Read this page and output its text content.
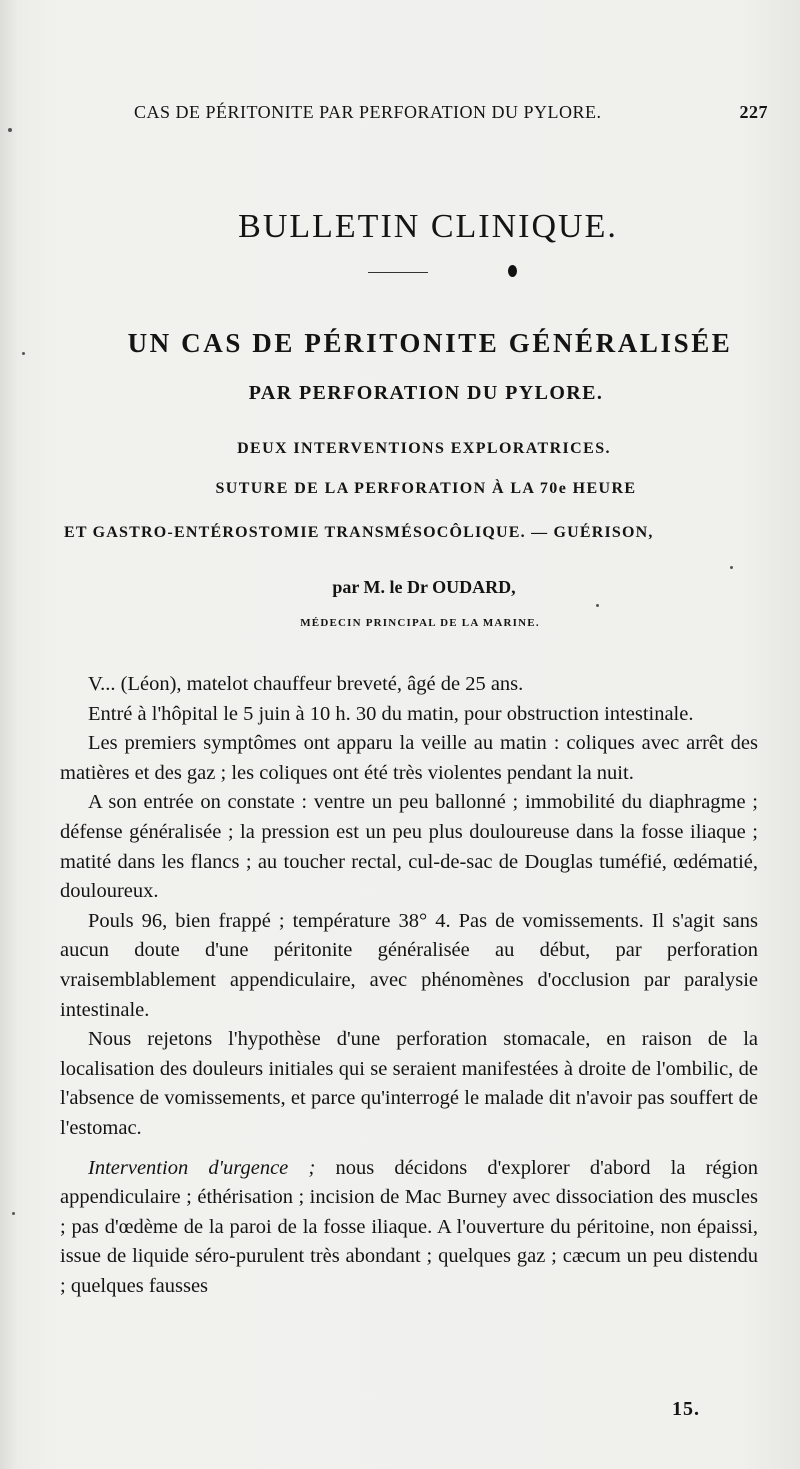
CAS DE PÉRITONITE PAR PERFORATION DU PYLORE.	227
BULLETIN CLINIQUE.
UN CAS DE PÉRITONITE GÉNÉRALISÉE
PAR PERFORATION DU PYLORE.
DEUX INTERVENTIONS EXPLORATRICES.
SUTURE DE LA PERFORATION À LA 70e HEURE
ET GASTRO-ENTÉROSTOMIE TRANSMÉSOCÔLIQUE. — GUÉRISON,
par M. le Dr OUDARD,
MÉDECIN PRINCIPAL DE LA MARINE.

V... (Léon), matelot chauffeur breveté, âgé de 25 ans.

Entré à l'hôpital le 5 juin à 10 h. 30 du matin, pour obstruction intestinale.

Les premiers symptômes ont apparu la veille au matin : coliques avec arrêt des matières et des gaz ; les coliques ont été très violentes pendant la nuit.

A son entrée on constate : ventre un peu ballonné ; immobilité du diaphragme ; défense généralisée ; la pression est un peu plus douloureuse dans la fosse iliaque ; matité dans les flancs ; au toucher rectal, cul-de-sac de Douglas tuméfié, œdématié, douloureux.

Pouls 96, bien frappé ; température 38° 4. Pas de vomissements. Il s'agit sans aucun doute d'une péritonite généralisée au début, par perforation vraisemblablement appendiculaire, avec phénomènes d'occlusion par paralysie intestinale.

Nous rejetons l'hypothèse d'une perforation stomacale, en raison de la localisation des douleurs initiales qui se seraient manifestées à droite de l'ombilic, de l'absence de vomissements, et parce qu'interrogé le malade dit n'avoir pas souffert de l'estomac.

Intervention d'urgence ; nous décidons d'explorer d'abord la région appendiculaire ; éthérisation ; incision de Mac Burney avec dissociation des muscles ; pas d'œdème de la paroi de la fosse iliaque. A l'ouverture du péritoine, non épaissi, issue de liquide séro-purulent très abondant ; quelques gaz ; cæcum un peu distendu ; quelques fausses

15.
